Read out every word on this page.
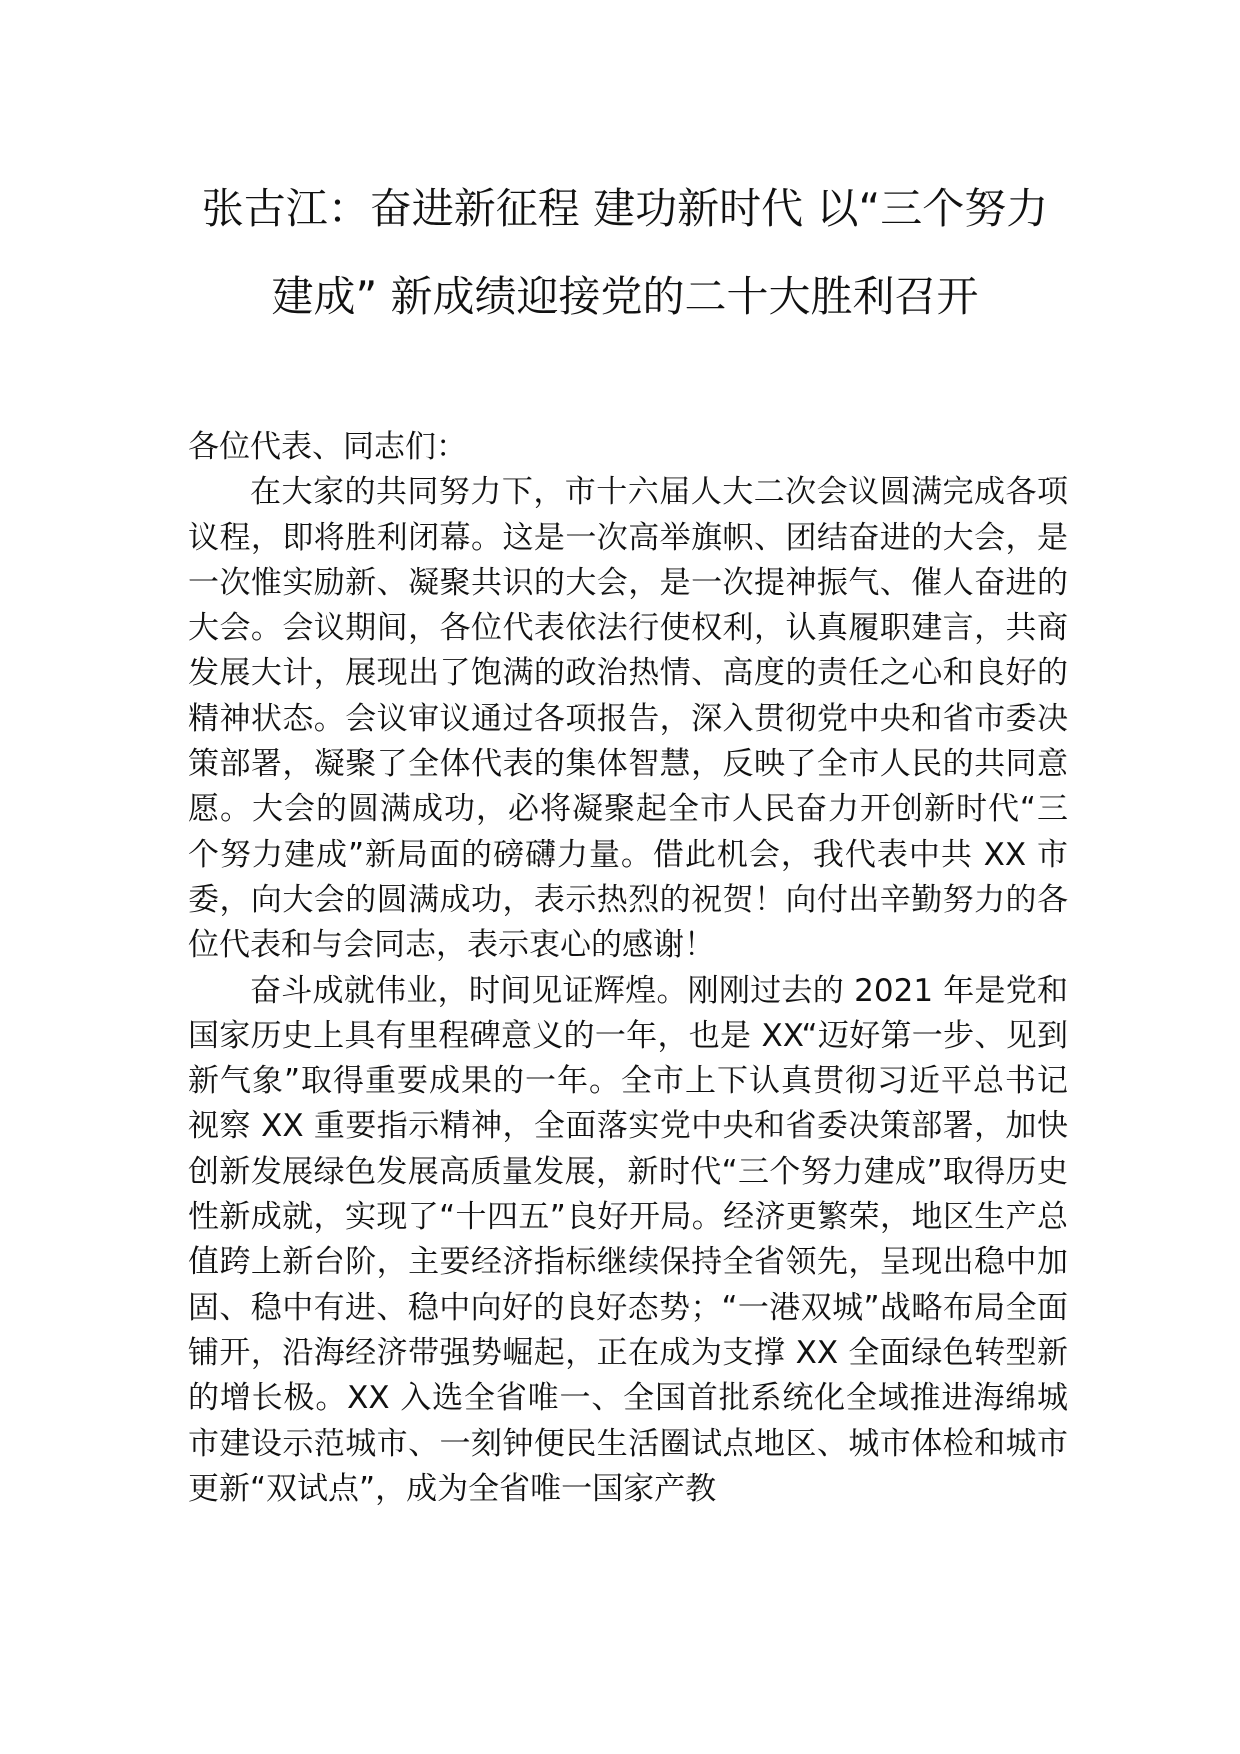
张古江：奋进新征程 建功新时代 以“三个努力建成” 新成绩迎接党的二十大胜利召开

各位代表、同志们：

在大家的共同努力下，市十六届人大二次会议圆满完成各项议程，即将胜利闭幕。这是一次高举旗帜、团结奋进的大会，是一次惟实励新、凝聚共识的大会，是一次提神振气、催人奋进的大会。会议期间，各位代表依法行使权利，认真履职建言，共商发展大计，展现出了饱满的政治热情、高度的责任之心和良好的精神状态。会议审议通过各项报告，深入贯彻党中央和省市委决策部署，凝聚了全体代表的集体智慧，反映了全市人民的共同意愿。大会的圆满成功，必将凝聚起全市人民奋力开创新时代“三个努力建成”新局面的磅礴力量。借此机会，我代表中共 XX 市委，向大会的圆满成功，表示热烈的祝贺！向付出辛勤努力的各位代表和与会同志，表示衷心的感谢！

奋斗成就伟业，时间见证辉煌。刚刚过去的 2021 年是党和国家历史上具有里程碑意义的一年，也是 XX“迈好第一步、见到新气象”取得重要成果的一年。全市上下认真贯彻习近平总书记视察 XX 重要指示精神，全面落实党中央和省委决策部署，加快创新发展绿色发展高质量发展，新时代“三个努力建成”取得历史性新成就，实现了“十四五”良好开局。经济更繁荣，地区生产总值跨上新台阶，主要经济指标继续保持全省领先，呈现出稳中加固、稳中有进、稳中向好的良好态势；“一港双城”战略布局全面铺开，沿海经济带强势崛起，正在成为支撑 XX 全面绿色转型新的增长极。XX 入选全省唯一、全国首批系统化全域推进海绵城市建设示范城市、一刻钟便民生活圈试点地区、城市体检和城市更新“双试点”，成为全省唯一国家产教
